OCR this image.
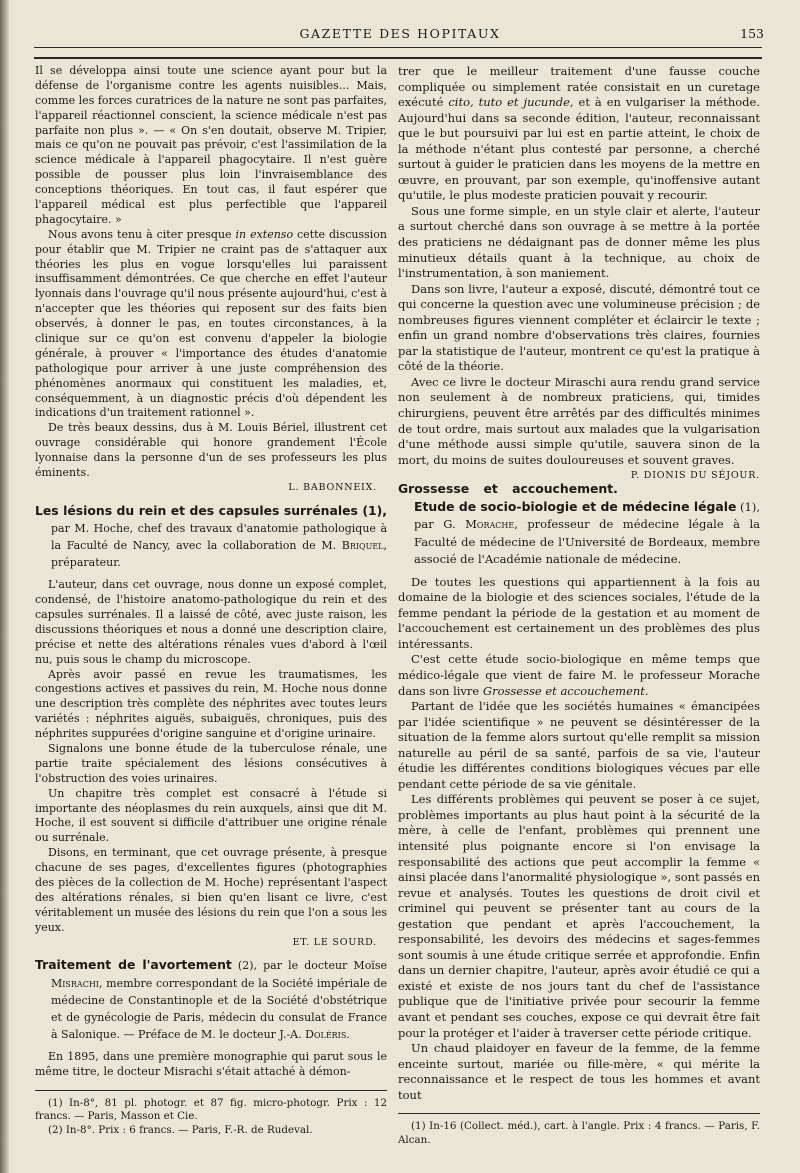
GAZETTE DES HOPITAUX	153

Il se développa ainsi toute une science ayant pour but la défense de l'organisme contre les agents nuisibles... Mais, comme les forces curatrices de la nature ne sont pas parfaites, l'appareil réactionnel conscient, la science médicale n'est pas parfaite non plus ». — « On s'en doutait, observe M. Tripier, mais ce qu'on ne pouvait pas prévoir, c'est l'assimilation de la science médicale à l'appareil phagocytaire. Il n'est guère possible de pousser plus loin l'invraisemblance des conceptions théoriques. En tout cas, il faut espérer que l'appareil médical est plus perfectible que l'appareil phagocytaire. »

Nous avons tenu à citer presque in extenso cette discussion pour établir que M. Tripier ne craint pas de s'attaquer aux théories les plus en vogue lorsqu'elles lui paraissent insuffisamment démontrées. Ce que cherche en effet l'auteur lyonnais dans l'ouvrage qu'il nous présente aujourd'hui, c'est à n'accepter que les théories qui reposent sur des faits bien observés, à donner le pas, en toutes circonstances, à la clinique sur ce qu'on est convenu d'appeler la biologie générale, à prouver « l'importance des études d'anatomie pathologique pour arriver à une juste compréhension des phénomènes anormaux qui constituent les maladies, et, conséquemment, à un diagnostic précis d'où dépendent les indications d'un traitement rationnel ».

De très beaux dessins, dus à M. Louis Bériel, illustrent cet ouvrage considérable qui honore grandement l'École lyonnaise dans la personne d'un de ses professeurs les plus éminents.

L. BABONNEIX.
Les lésions du rein et des capsules surrénales (1), par M. Hoche, chef des travaux d'anatomie pathologique à la Faculté de Nancy, avec la collaboration de M. Briquel, préparateur.

L'auteur, dans cet ouvrage, nous donne un exposé complet, condensé, de l'histoire anatomo-pathologique du rein et des capsules surrénales. Il a laissé de côté, avec juste raison, les discussions théoriques et nous a donné une description claire, précise et nette des altérations rénales vues d'abord à l'œil nu, puis sous le champ du microscope.

Après avoir passé en revue les traumatismes, les congestions actives et passives du rein, M. Hoche nous donne une description très complète des néphrites avec toutes leurs variétés : néphrites aiguës, subaiguës, chroniques, puis des néphrites suppurées d'origine sanguine et d'origine urinaire.

Signalons une bonne étude de la tuberculose rénale, une partie traite spécialement des lésions consécutives à l'obstruction des voies urinaires.

Un chapitre très complet est consacré à l'étude si importante des néoplasmes du rein auxquels, ainsi que dit M. Hoche, il est souvent si difficile d'attribuer une origine rénale ou surrénale.

Disons, en terminant, que cet ouvrage présente, à presque chacune de ses pages, d'excellentes figures (photographies des pièces de la collection de M. Hoche) représentant l'aspect des altérations rénales, si bien qu'en lisant ce livre, c'est véritablement un musée des lésions du rein que l'on a sous les yeux.

ET. LE SOURD.
Traitement de l'avortement (2), par le docteur Moïse Misrachi, membre correspondant de la Société impériale de médecine de Constantinople et de la Société d'obstétrique et de gynécologie de Paris, médecin du consulat de France à Salonique. — Préface de M. le docteur J.-A. Doléris.

En 1895, dans une première monographie qui parut sous le même titre, le docteur Misrachi s'était attaché à démon-

(1) In-8°, 81 pl. photogr. et 87 fig. micro-photogr. Prix : 12 francs. — Paris, Masson et Cie.

(2) In-8°. Prix : 6 francs. — Paris, F.-R. de Rudeval.

trer que le meilleur traitement d'une fausse couche compliquée ou simplement ratée consistait en un curetage exécuté cito, tuto et jucunde, et à en vulgariser la méthode. Aujourd'hui dans sa seconde édition, l'auteur, reconnaissant que le but poursuivi par lui est en partie atteint, le choix de la méthode n'étant plus contesté par personne, a cherché surtout à guider le praticien dans les moyens de la mettre en œuvre, en prouvant, par son exemple, qu'inoffensive autant qu'utile, le plus modeste praticien pouvait y recourir.

Sous une forme simple, en un style clair et alerte, l'auteur a surtout cherché dans son ouvrage à se mettre à la portée des praticiens ne dédaignant pas de donner même les plus minutieux détails quant à la technique, au choix de l'instrumentation, à son maniement.

Dans son livre, l'auteur a exposé, discuté, démontré tout ce qui concerne la question avec une volumineuse précision ; de nombreuses figures viennent compléter et éclaircir le texte ; enfin un grand nombre d'observations très claires, fournies par la statistique de l'auteur, montrent ce qu'est la pratique à côté de la théorie.

Avec ce livre le docteur Miraschi aura rendu grand service non seulement à de nombreux praticiens, qui, timides chirurgiens, peuvent être arrêtés par des difficultés minimes de tout ordre, mais surtout aux malades que la vulgarisation d'une méthode aussi simple qu'utile, sauvera sinon de la mort, du moins de suites douloureuses et souvent graves.
P. DIONIS DU SÉJOUR.

Grossesse et accouchement. Etude de socio-biologie et de médecine légale (1), par G. Morache, professeur de médecine légale à la Faculté de médecine de l'Université de Bordeaux, membre associé de l'Académie nationale de médecine.

De toutes les questions qui appartiennent à la fois au domaine de la biologie et des sciences sociales, l'étude de la femme pendant la période de la gestation et au moment de l'accouchement est certainement un des problèmes des plus intéressants.

C'est cette étude socio-biologique en même temps que médico-légale que vient de faire M. le professeur Morache dans son livre Grossesse et accouchement.

Partant de l'idée que les sociétés humaines « émancipées par l'idée scientifique » ne peuvent se désintéresser de la situation de la femme alors surtout qu'elle remplit sa mission naturelle au péril de sa santé, parfois de sa vie, l'auteur étudie les différentes conditions biologiques vécues par elle pendant cette période de sa vie génitale.

Les différents problèmes qui peuvent se poser à ce sujet, problèmes importants au plus haut point à la sécurité de la mère, à celle de l'enfant, problèmes qui prennent une intensité plus poignante encore si l'on envisage la responsabilité des actions que peut accomplir la femme « ainsi placée dans l'anormalité physiologique », sont passés en revue et analysés. Toutes les questions de droit civil et criminel qui peuvent se présenter tant au cours de la gestation que pendant et après l'accouchement, la responsabilité, les devoirs des médecins et sages-femmes sont soumis à une étude critique serrée et approfondie. Enfin dans un dernier chapitre, l'auteur, après avoir étudié ce qui a existé et existe de nos jours tant du chef de l'assistance publique que de l'initiative privée pour secourir la femme avant et pendant ses couches, expose ce qui devrait être fait pour la protéger et l'aider à traverser cette période critique.

Un chaud plaidoyer en faveur de la femme, de la femme enceinte surtout, mariée ou fille-mère, « qui mérite la reconnaissance et le respect de tous les hommes et avant tout

(1) In-16 (Collect. méd.), cart. à l'angle. Prix : 4 francs. — Paris, F. Alcan.
